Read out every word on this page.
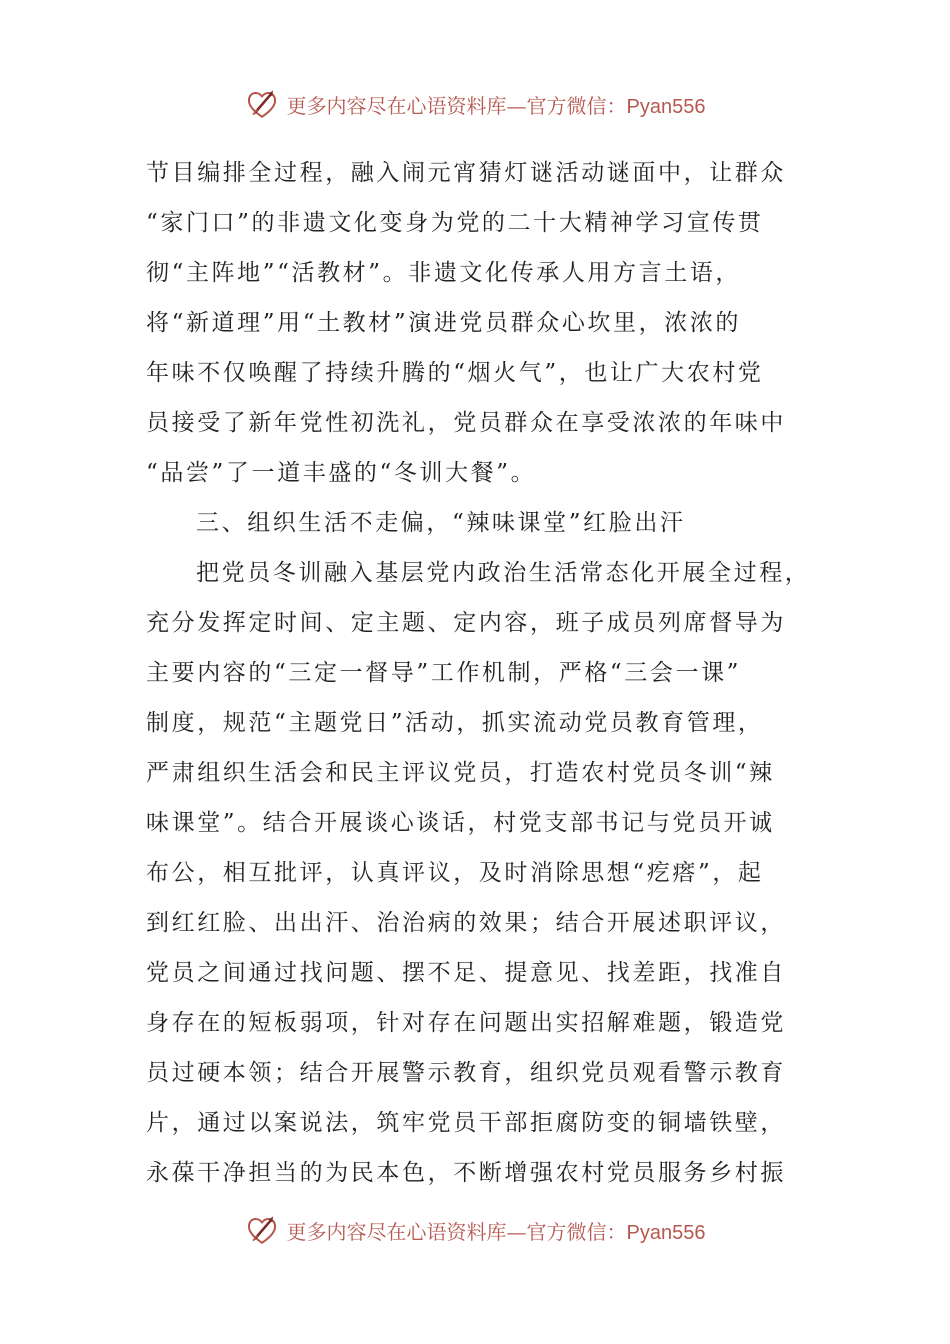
更多内容尽在心语资料库—官方微信：Pyan556
节目编排全过程，融入闹元宵猜灯谜活动谜面中，让群众
“家门口”的非遗文化变身为党的二十大精神学习宣传贯
彻“主阵地”“活教材”。非遗文化传承人用方言土语，
将“新道理”用“土教材”演进党员群众心坎里，浓浓的
年味不仅唤醒了持续升腾的“烟火气”，也让广大农村党
员接受了新年党性初洗礼，党员群众在享受浓浓的年味中
“品尝”了一道丰盛的“冬训大餐”。
三、组织生活不走偏，“辣味课堂”红脸出汗
把党员冬训融入基层党内政治生活常态化开展全过程，
充分发挥定时间、定主题、定内容，班子成员列席督导为
主要内容的“三定一督导”工作机制，严格“三会一课”
制度，规范“主题党日”活动，抓实流动党员教育管理，
严肃组织生活会和民主评议党员，打造农村党员冬训“辣
味课堂”。结合开展谈心谈话，村党支部书记与党员开诚
布公，相互批评，认真评议，及时消除思想“疙瘩”，起
到红红脸、出出汗、治治病的效果；结合开展述职评议，
党员之间通过找问题、摆不足、提意见、找差距，找准自
身存在的短板弱项，针对存在问题出实招解难题，锻造党
员过硬本领；结合开展警示教育，组织党员观看警示教育
片，通过以案说法，筑牢党员干部拒腐防变的铜墙铁壁，
永葆干净担当的为民本色，不断增强农村党员服务乡村振
更多内容尽在心语资料库—官方微信：Pyan556
